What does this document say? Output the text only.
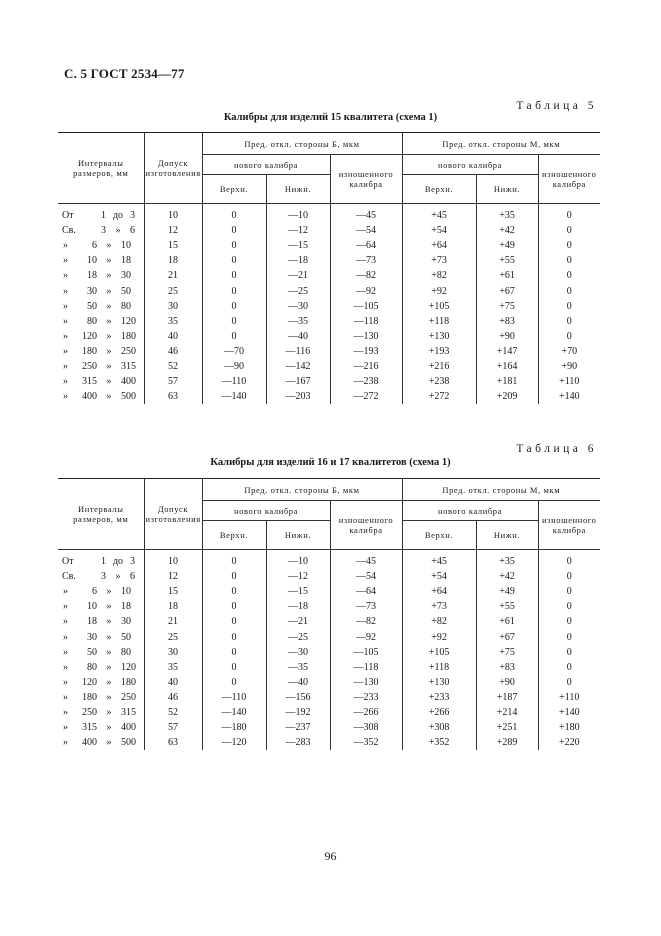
С. 5 ГОСТ 2534—77
Таблица 5
Калибры для изделий 15 квалитета (схема 1)
Интервалы размеров, мм	Допуск изготовления	Пред. откл. стороны Б, мкм			Пред. откл. стороны М, мкм		
		нового калибра		изношенного калибра	нового калибра		изношенного калибра
		Верхн.	Нижн.		Верхн.	Нижн.	
От 1 до 3	10	0	—10	—45	+45	+35	0
Св. 3 » 6	12	0	—12	—54	+54	+42	0
» 6 » 10	15	0	—15	—64	+64	+49	0
» 10 » 18	18	0	—18	—73	+73	+55	0
» 18 » 30	21	0	—21	—82	+82	+61	0
» 30 » 50	25	0	—25	—92	+92	+67	0
» 50 » 80	30	0	—30	—105	+105	+75	0
» 80 » 120	35	0	—35	—118	+118	+83	0
» 120 » 180	40	0	—40	—130	+130	+90	0
» 180 » 250	46	—70	—116	—193	+193	+147	+70
» 250 » 315	52	—90	—142	—216	+216	+164	+90
» 315 » 400	57	—110	—167	—238	+238	+181	+110
» 400 » 500	63	—140	—203	—272	+272	+209	+140
Таблица 6
Калибры для изделий 16 и 17 квалитетов (схема 1)
Интервалы размеров, мм	Допуск изготовления	Пред. откл. стороны Б, мкм			Пред. откл. стороны М, мкм		
		нового калибра		изношенного калибра	нового калибра		изношенного калибра
		Верхн.	Нижн.		Верхн.	Нижн.	
От 1 до 3	10	0	—10	—45	+45	+35	0
Св. 3 » 6	12	0	—12	—54	+54	+42	0
» 6 » 10	15	0	—15	—64	+64	+49	0
» 10 » 18	18	0	—18	—73	+73	+55	0
» 18 » 30	21	0	—21	—82	+82	+61	0
» 30 » 50	25	0	—25	—92	+92	+67	0
» 50 » 80	30	0	—30	—105	+105	+75	0
» 80 » 120	35	0	—35	—118	+118	+83	0
» 120 » 180	40	0	—40	—130	+130	+90	0
» 180 » 250	46	—110	—156	—233	+233	+187	+110
» 250 » 315	52	—140	—192	—266	+266	+214	+140
» 315 » 400	57	—180	—237	—308	+308	+251	+180
» 400 » 500	63	—120	—283	—352	+352	+289	+220
96
